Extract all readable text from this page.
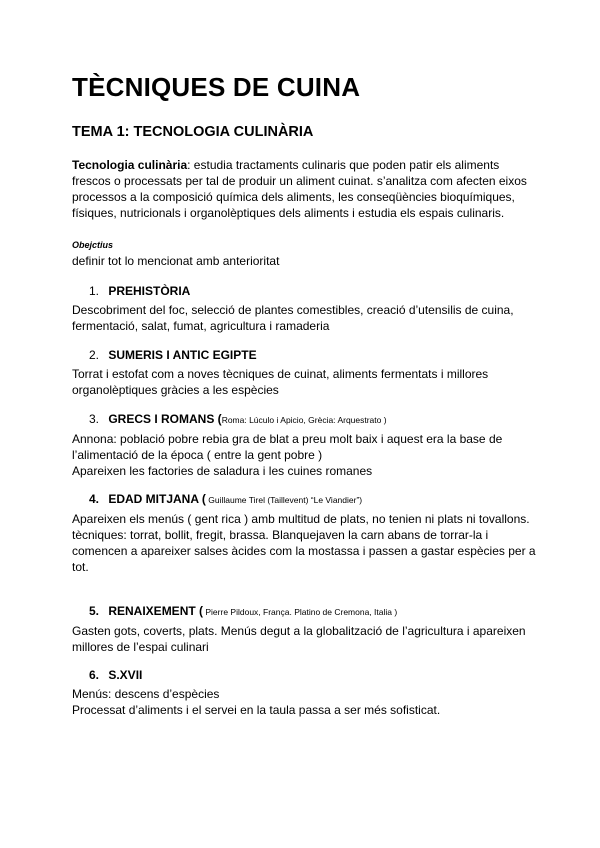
TÈCNIQUES DE CUINA
TEMA 1: TECNOLOGIA CULINÀRIA
Tecnologia culinària: estudia tractaments culinaris que poden patir els aliments frescos o processats per tal de produir un aliment cuinat. s’analitza com afecten eixos processos a la composició química dels aliments, les conseqüències bioquímiques, físiques, nutricionals i organolèptiques dels aliments i estudia els espais culinaris.
Obejctius
definir tot lo mencionat amb anterioritat
1. PREHISTÒRIA

Descobriment del foc, selecció de plantes comestibles, creació d’utensilis de cuina, fermentació, salat, fumat, agricultura i ramaderia

2. SUMERIS I ANTIC EGIPTE

Torrat i estofat com a noves tècniques de cuinat, aliments fermentats i millores organolèptiques gràcies a les espècies

3. GRECS I ROMANS (Roma: Lúculo i Apicio, Grècia: Arquestrato )

Annona: població pobre rebia gra de blat a preu molt baix i aquest era la base de l’alimentació de la época ( entre la gent pobre )

Apareixen les factories de saladura i les cuines romanes

4. EDAD MITJANA ( Guillaume Tirel (Taillevent) “Le Viandier”)

Apareixen els menús ( gent rica ) amb multitud de plats, no tenien ni plats ni tovallons.

tècniques: torrat, bollit, fregit, brassa. Blanquejaven la carn abans de torrar-la i comencen a apareixer salses àcides com la mostassa i passen a gastar espècies per a tot.

5. RENAIXEMENT ( Pierre Pildoux, França. Platino de Cremona, Italia )

Gasten gots, coverts, plats. Menús degut a la globalització de l’agricultura i apareixen millores de l’espai culinari

6. S.XVII

Menús: descens d’espècies

Processat d’aliments i el servei en la taula passa a ser més sofisticat.
